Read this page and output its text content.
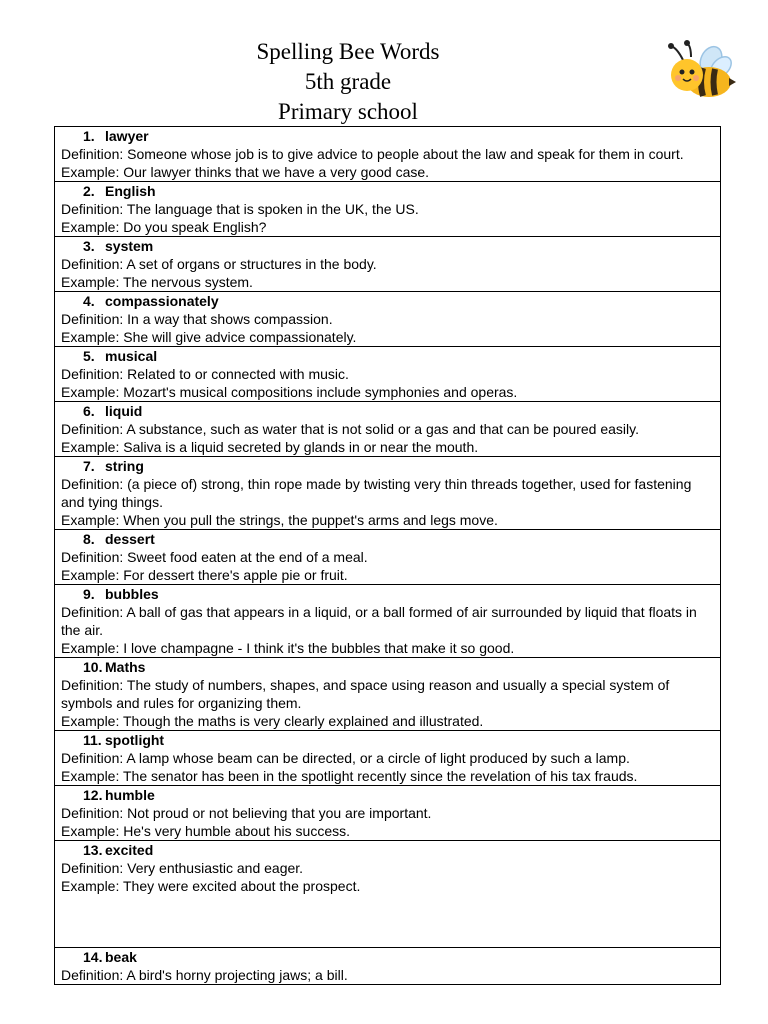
Spelling Bee Words
5th grade
Primary school
1. lawyer
Definition: Someone whose job is to give advice to people about the law and speak for them in court.
Example: Our lawyer thinks that we have a very good case.

2. English
Definition: The language that is spoken in the UK, the US.
Example: Do you speak English?

3. system
Definition: A set of organs or structures in the body.
Example: The nervous system.

4. compassionately
Definition: In a way that shows compassion.
Example: She will give advice compassionately.

5. musical
Definition: Related to or connected with music.
Example: Mozart's musical compositions include symphonies and operas.

6. liquid
Definition: A substance, such as water that is not solid or a gas and that can be poured easily.
Example: Saliva is a liquid secreted by glands in or near the mouth.

7. string
Definition: (a piece of) strong, thin rope made by twisting very thin threads together, used for fastening and tying things.
Example: When you pull the strings, the puppet's arms and legs move.

8. dessert
Definition: Sweet food eaten at the end of a meal.
Example: For dessert there's apple pie or fruit.

9. bubbles
Definition: A ball of gas that appears in a liquid, or a ball formed of air surrounded by liquid that floats in the air.
Example: I love champagne - I think it's the bubbles that make it so good.

10. Maths
Definition: The study of numbers, shapes, and space using reason and usually a special system of symbols and rules for organizing them.
Example: Though the maths is very clearly explained and illustrated.

11. spotlight
Definition: A lamp whose beam can be directed, or a circle of light produced by such a lamp.
Example: The senator has been in the spotlight recently since the revelation of his tax frauds.

12. humble
Definition: Not proud or not believing that you are important.
Example: He's very humble about his success.

13. excited
Definition: Very enthusiastic and eager.
Example: They were excited about the prospect.

14. beak
Definition: A bird's horny projecting jaws; a bill.
